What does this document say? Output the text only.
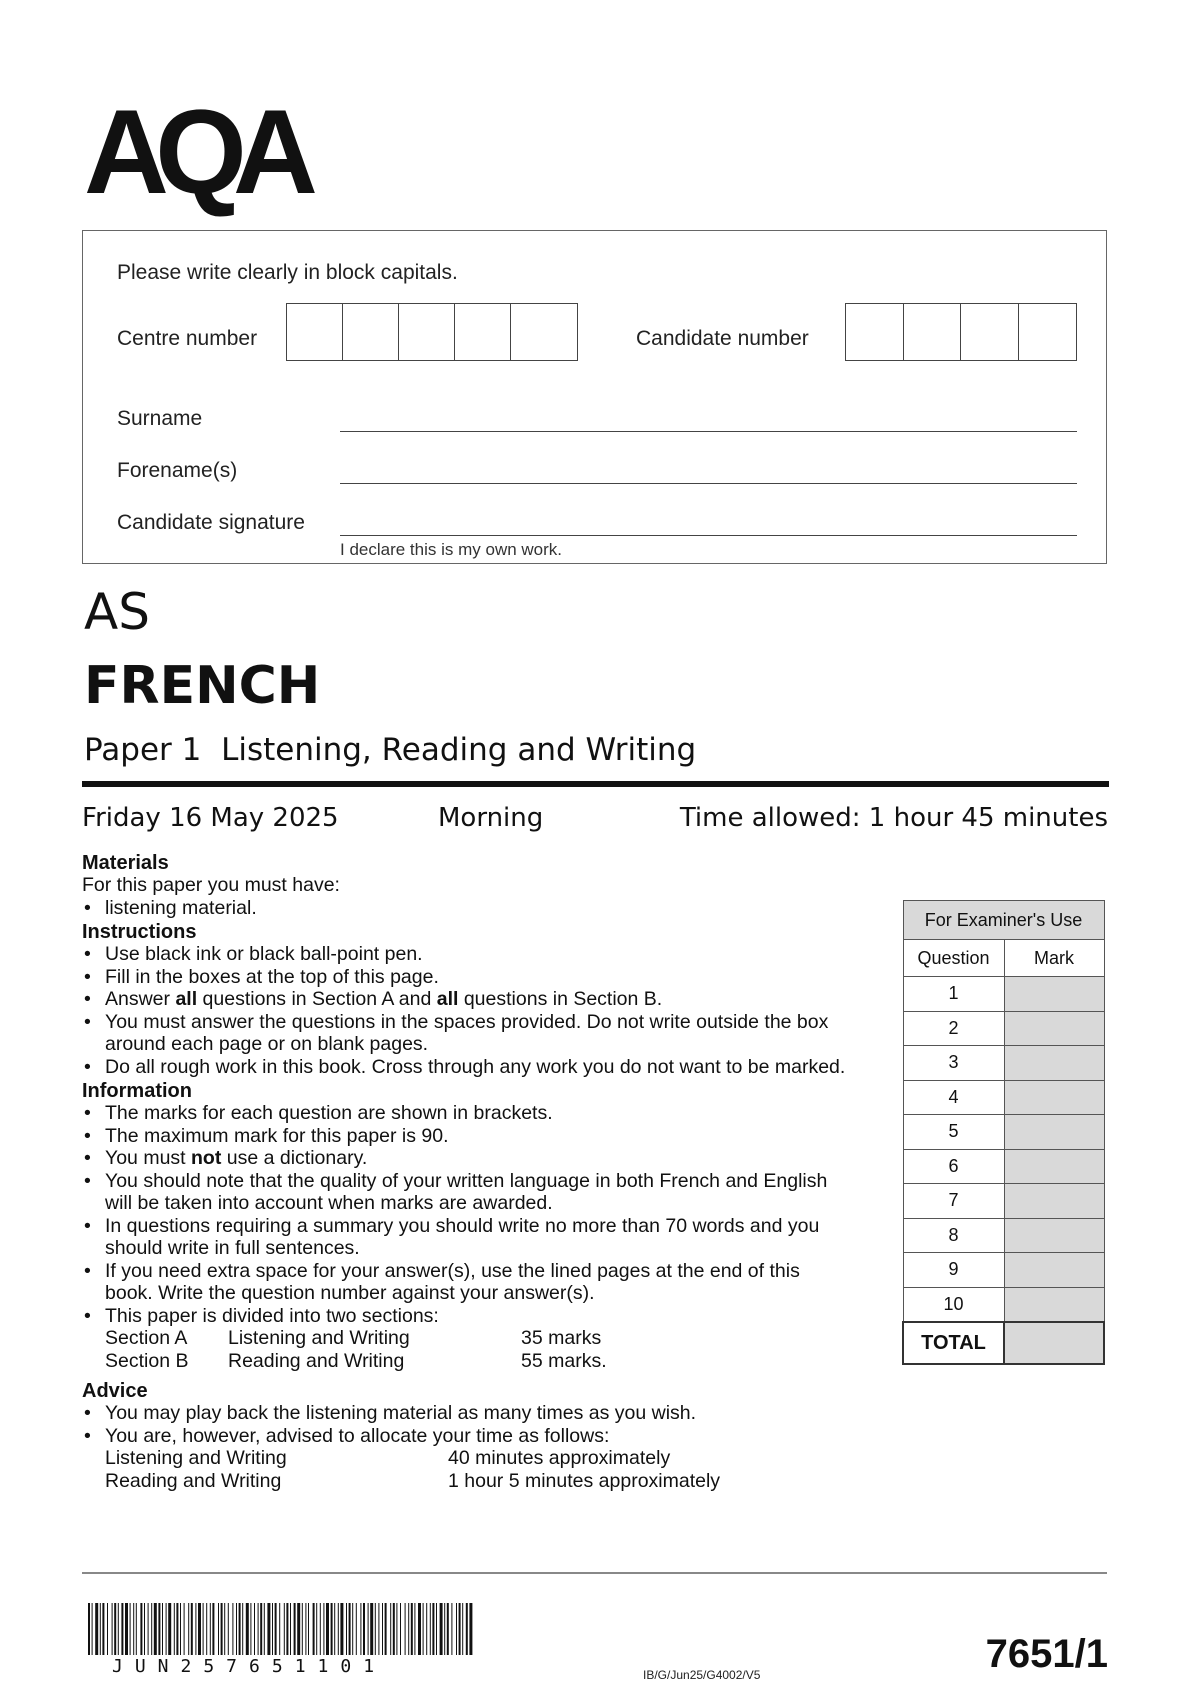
AQA
Please write clearly in block capitals.
Centre number	Candidate number
Surname
Forename(s)
Candidate signature
I declare this is my own work.
AS
FRENCH
Paper 1  Listening, Reading and Writing
Friday 16 May 2025	Morning	Time allowed: 1 hour 45 minutes
Materials
For this paper you must have:
• listening material.
Instructions
• Use black ink or black ball-point pen.
• Fill in the boxes at the top of this page.
• Answer all questions in Section A and all questions in Section B.
• You must answer the questions in the spaces provided. Do not write outside the box around each page or on blank pages.
• Do all rough work in this book. Cross through any work you do not want to be marked.
Information
• The marks for each question are shown in brackets.
• The maximum mark for this paper is 90.
• You must not use a dictionary.
• You should note that the quality of your written language in both French and English will be taken into account when marks are awarded.
• In questions requiring a summary you should write no more than 70 words and you should write in full sentences.
• If you need extra space for your answer(s), use the lined pages at the end of this book. Write the question number against your answer(s).
• This paper is divided into two sections:
Section A	Listening and Writing	35 marks
Section B	Reading and Writing	55 marks.
Advice
• You may play back the listening material as many times as you wish.
• You are, however, advised to allocate your time as follows:
Listening and Writing	40 minutes approximately
Reading and Writing	1 hour 5 minutes approximately
For Examiner's Use	
Question	Mark
1	
2	
3	
4	
5	
6	
7	
8	
9	
10	
TOTAL	
JUN257651101	IB/G/Jun25/G4002/V5	7651/1
